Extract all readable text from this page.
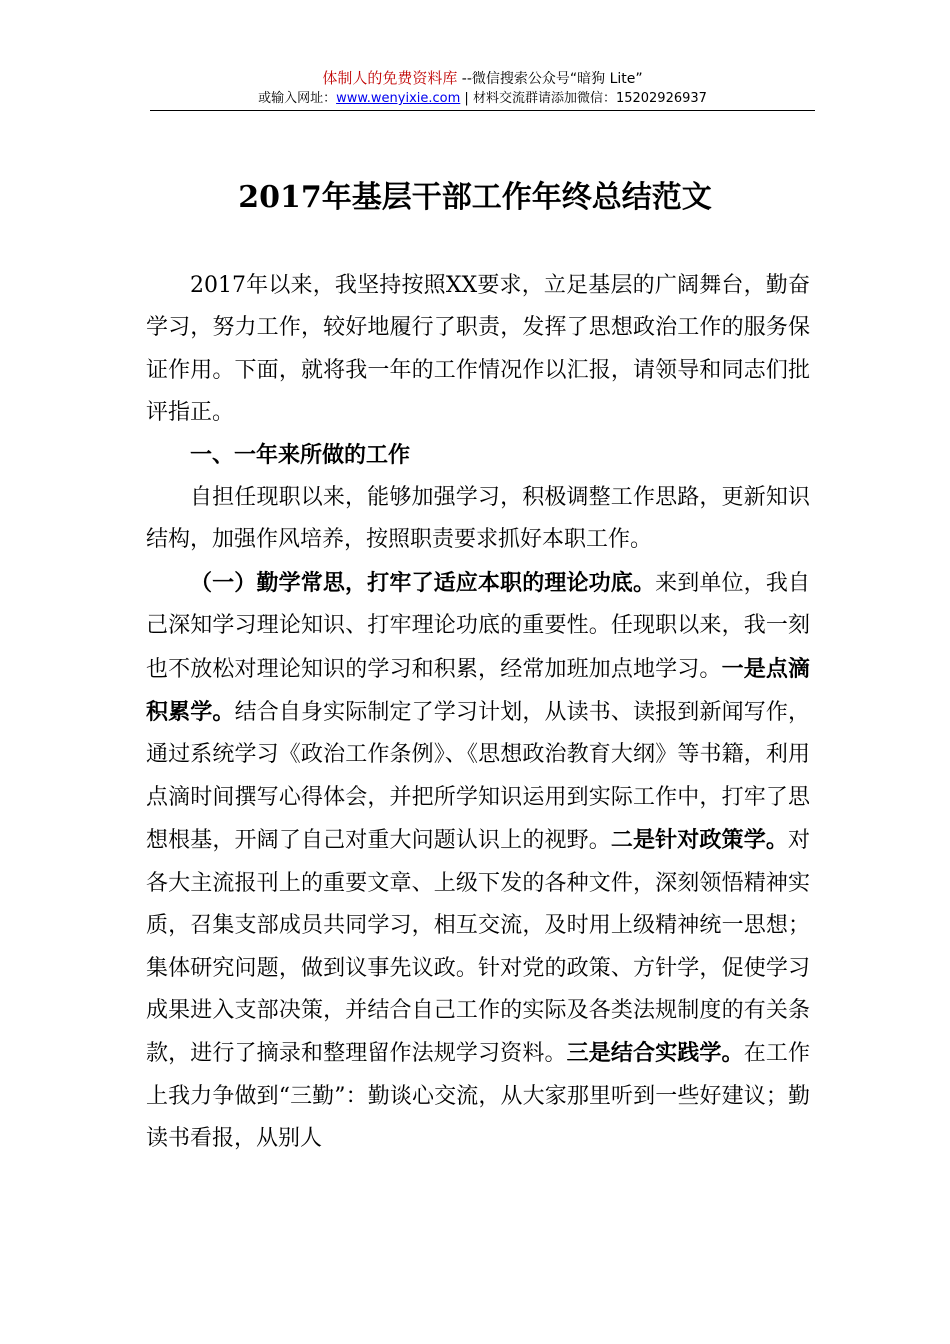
体制人的免费资料库 --微信搜索公众号“暗狗 Lite”
或输入网址：www.wenyixie.com | 材料交流群请添加微信：15202926937
2017年基层干部工作年终总结范文

2017年以来，我坚持按照XX要求，立足基层的广阔舞台，勤奋学习，努力工作，较好地履行了职责，发挥了思想政治工作的服务保证作用。下面，就将我一年的工作情况作以汇报，请领导和同志们批评指正。

一、一年来所做的工作

自担任现职以来，能够加强学习，积极调整工作思路，更新知识结构，加强作风培养，按照职责要求抓好本职工作。

（一）勤学常思，打牢了适应本职的理论功底。来到单位，我自己深知学习理论知识、打牢理论功底的重要性。任现职以来，我一刻也不放松对理论知识的学习和积累，经常加班加点地学习。一是点滴积累学。结合自身实际制定了学习计划，从读书、读报到新闻写作，通过系统学习《政治工作条例》、《思想政治教育大纲》等书籍，利用点滴时间撰写心得体会，并把所学知识运用到实际工作中，打牢了思想根基，开阔了自己对重大问题认识上的视野。二是针对政策学。对各大主流报刊上的重要文章、上级下发的各种文件，深刻领悟精神实质，召集支部成员共同学习，相互交流，及时用上级精神统一思想；集体研究问题，做到议事先议政。针对党的政策、方针学，促使学习成果进入支部决策，并结合自己工作的实际及各类法规制度的有关条款，进行了摘录和整理留作法规学习资料。三是结合实践学。在工作上我力争做到“三勤”：勤谈心交流，从大家那里听到一些好建议；勤读书看报，从别人
